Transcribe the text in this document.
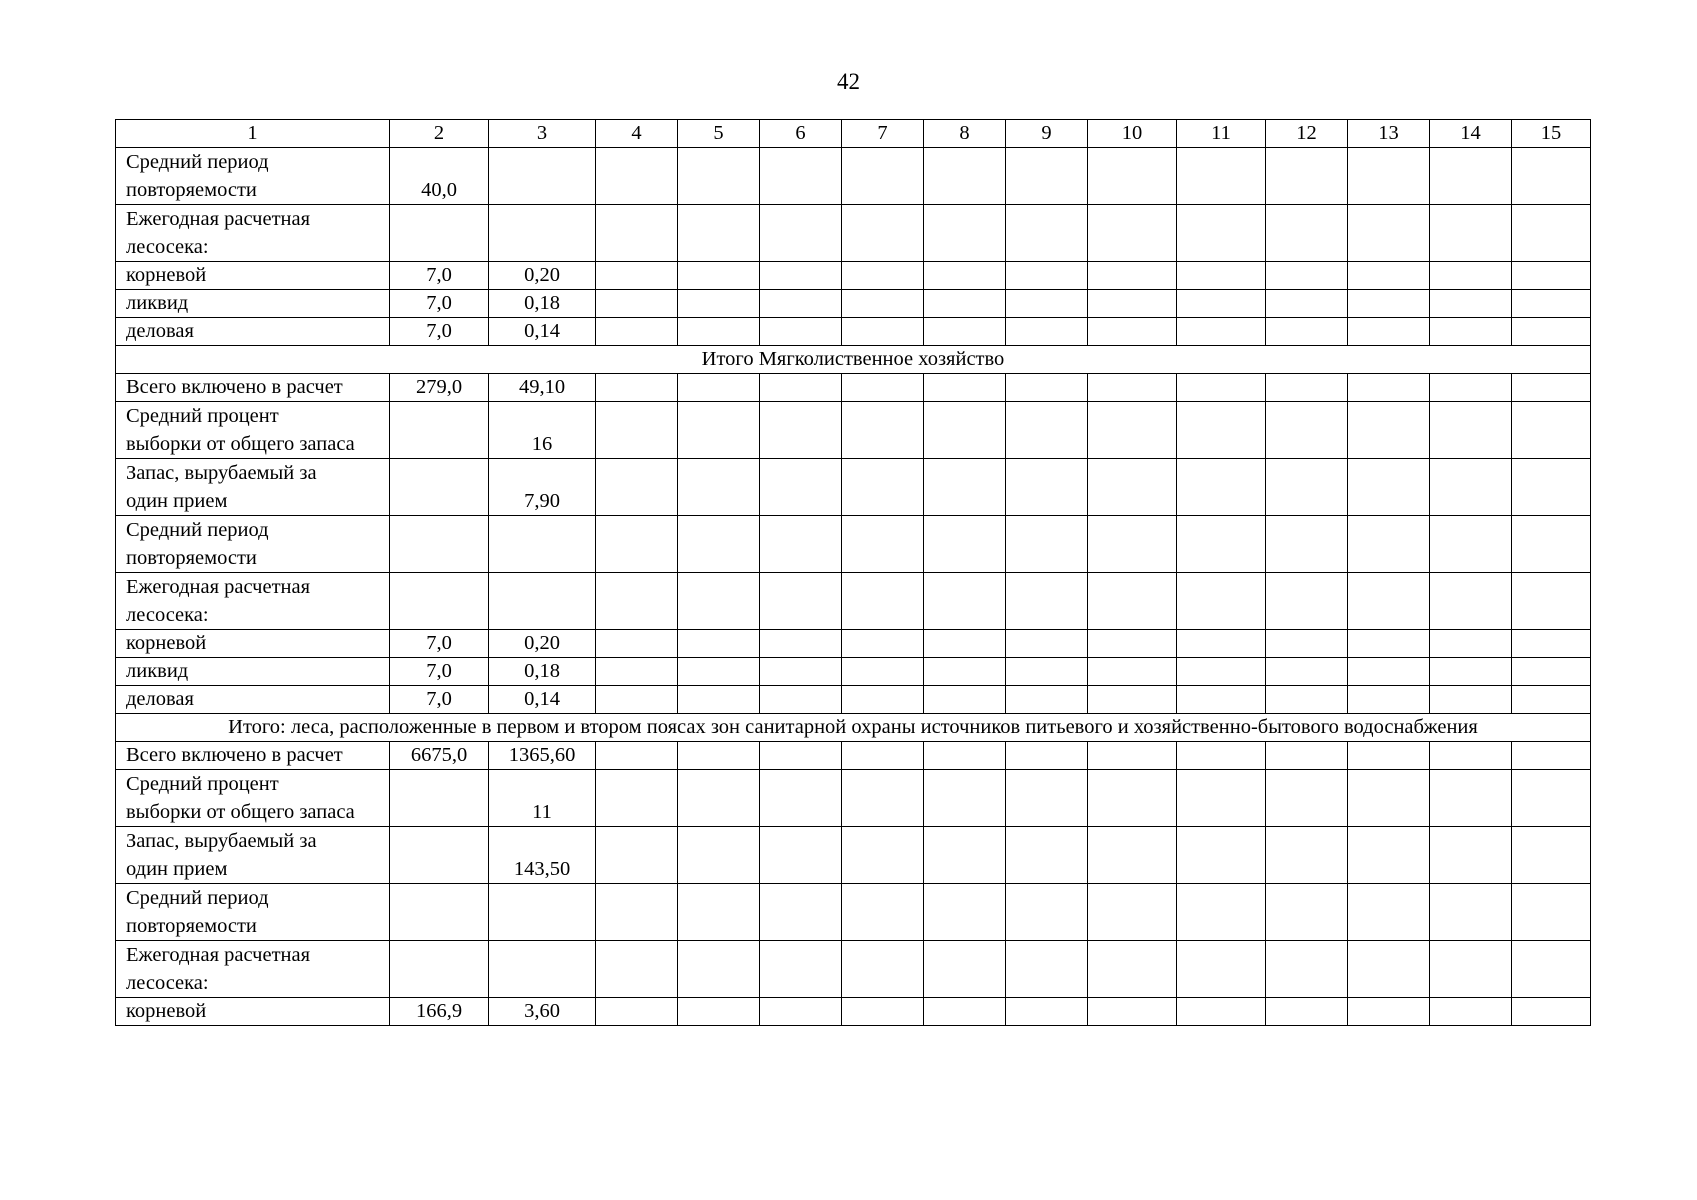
42
1	2	3	4	5	6	7	8	9	10	11	12	13	14	15

Средний период
повторяемости	40,0													

Ежегодная расчетная
лесосека:														

корневой	7,0	0,20												

ликвид	7,0	0,18												

деловая	7,0	0,14												
Итого Мягколиственное хозяйство														

Всего включено в расчет	279,0	49,10												

Средний процент
выборки от общего запаса		16												

Запас, вырубаемый за
один прием		7,90												

Средний период
повторяемости														

Ежегодная расчетная
лесосека:														

корневой	7,0	0,20												

ликвид	7,0	0,18												

деловая	7,0	0,14												
Итого: леса, расположенные в первом и втором поясах зон санитарной охраны источников питьевого и хозяйственно-бытового водоснабжения														

Всего включено в расчет	6675,0	1365,60												

Средний процент
выборки от общего запаса		11												

Запас, вырубаемый за
один прием		143,50												

Средний период
повторяемости														

Ежегодная расчетная
лесосека:														

корневой	166,9	3,60												
